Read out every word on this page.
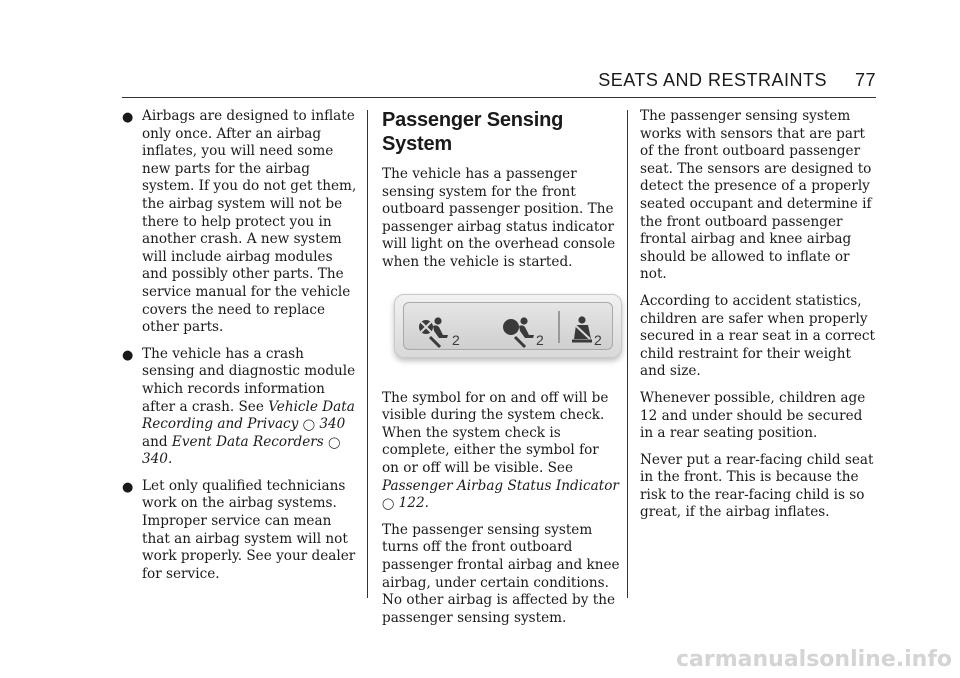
SEATS AND RESTRAINTS 77
● Airbags are designed to inflate only once. After an airbag inflates, you will need some new parts for the airbag system. If you do not get them, the airbag system will not be there to help protect you in another crash. A new system will include airbag modules and possibly other parts. The service manual for the vehicle covers the need to replace other parts.
● The vehicle has a crash sensing and diagnostic module which records information after a crash. See Vehicle Data Recording and Privacy ◯ 340 and Event Data Recorders ◯ 340.
● Let only qualified technicians work on the airbag systems. Improper service can mean that an airbag system will not work properly. See your dealer for service.
Passenger Sensing System

The vehicle has a passenger sensing system for the front outboard passenger position. The passenger airbag status indicator will light on the overhead console when the vehicle is started.

2	2	2

The symbol for on and off will be visible during the system check. When the system check is complete, either the symbol for on or off will be visible. See Passenger Airbag Status Indicator ◯ 122.

The passenger sensing system turns off the front outboard passenger frontal airbag and knee airbag, under certain conditions. No other airbag is affected by the passenger sensing system.

The passenger sensing system works with sensors that are part of the front outboard passenger seat. The sensors are designed to detect the presence of a properly seated occupant and determine if the front outboard passenger frontal airbag and knee airbag should be allowed to inflate or not.

According to accident statistics, children are safer when properly secured in a rear seat in a correct child restraint for their weight and size.

Whenever possible, children age 12 and under should be secured in a rear seating position.

Never put a rear-facing child seat in the front. This is because the risk to the rear-facing child is so great, if the airbag inflates.

carmanualsonline.info
